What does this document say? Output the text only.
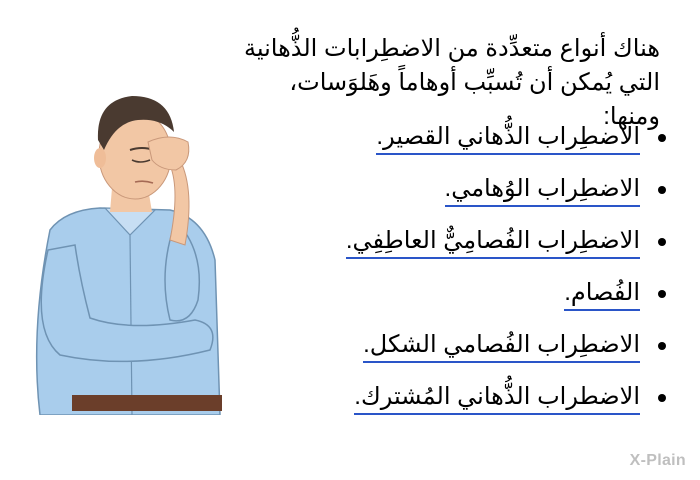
هناك أنواع متعدِّدة من الاضطِرابات الذُّهانية التي يُمكن أن تُسبِّب أوهاماً وهَلوَسات، ومنها:
الاضطِراب الذُّهاني القصير.
الاضطِراب الوُهامي.
الاضطِراب الفُصامِيٌّ العاطِفِي.
الفُصام.
الاضطِراب الفُصامي الشكل.
الاضطراب الذُّهاني المُشترك.
X-Plain
